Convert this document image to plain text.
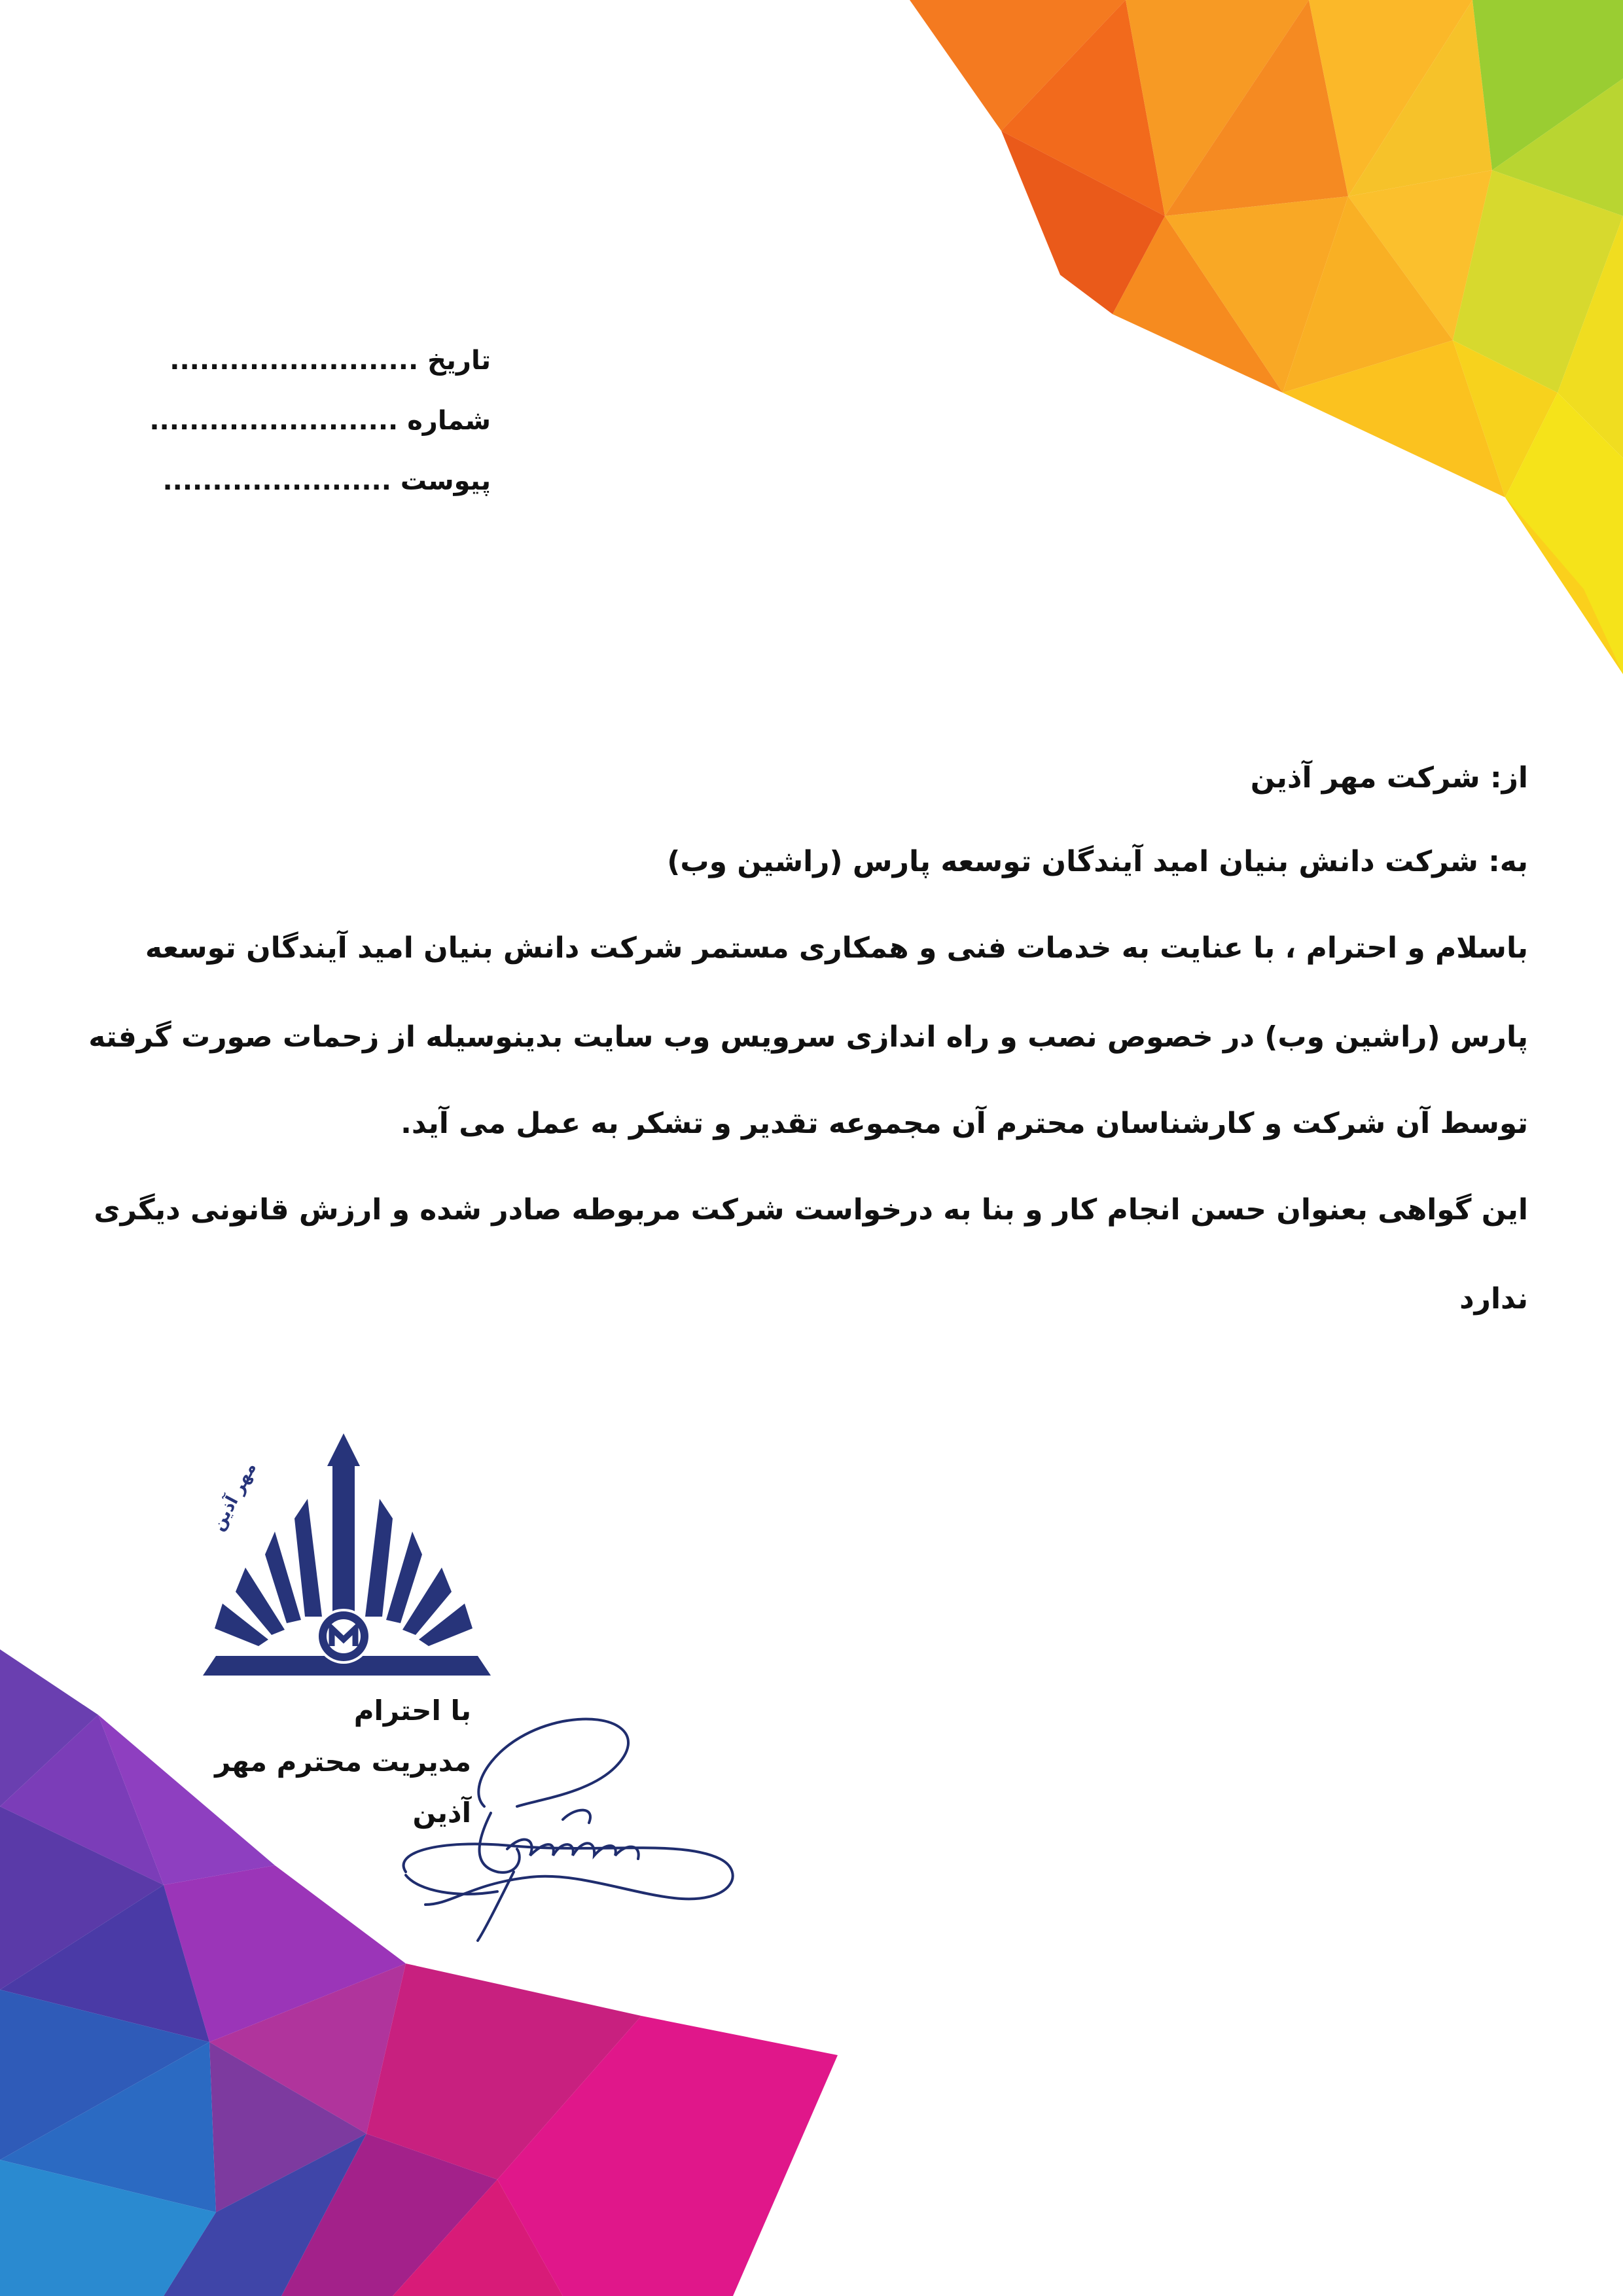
تاریخ .........................
شماره .........................
پیوست .......................
از: شرکت مهر آذین
به: شرکت دانش بنیان امید آیندگان توسعه پارس (راشین وب)
باسلام و احترام ، با عنایت به خدمات فنی و همکاری مستمر شرکت دانش بنیان امید آیندگان توسعه
پارس (راشین وب) در خصوص نصب و راه اندازی سرویس وب سایت بدینوسیله از زحمات صورت گرفته
توسط آن شرکت و کارشناسان محترم آن مجموعه تقدیر و تشکر به عمل می آید.
این گواهی بعنوان حسن انجام کار و بنا به درخواست شرکت مربوطه صادر شده و ارزش قانونی دیگری
ندارد
مهر آذین
با احترام
مدیریت محترم مهر آذین
